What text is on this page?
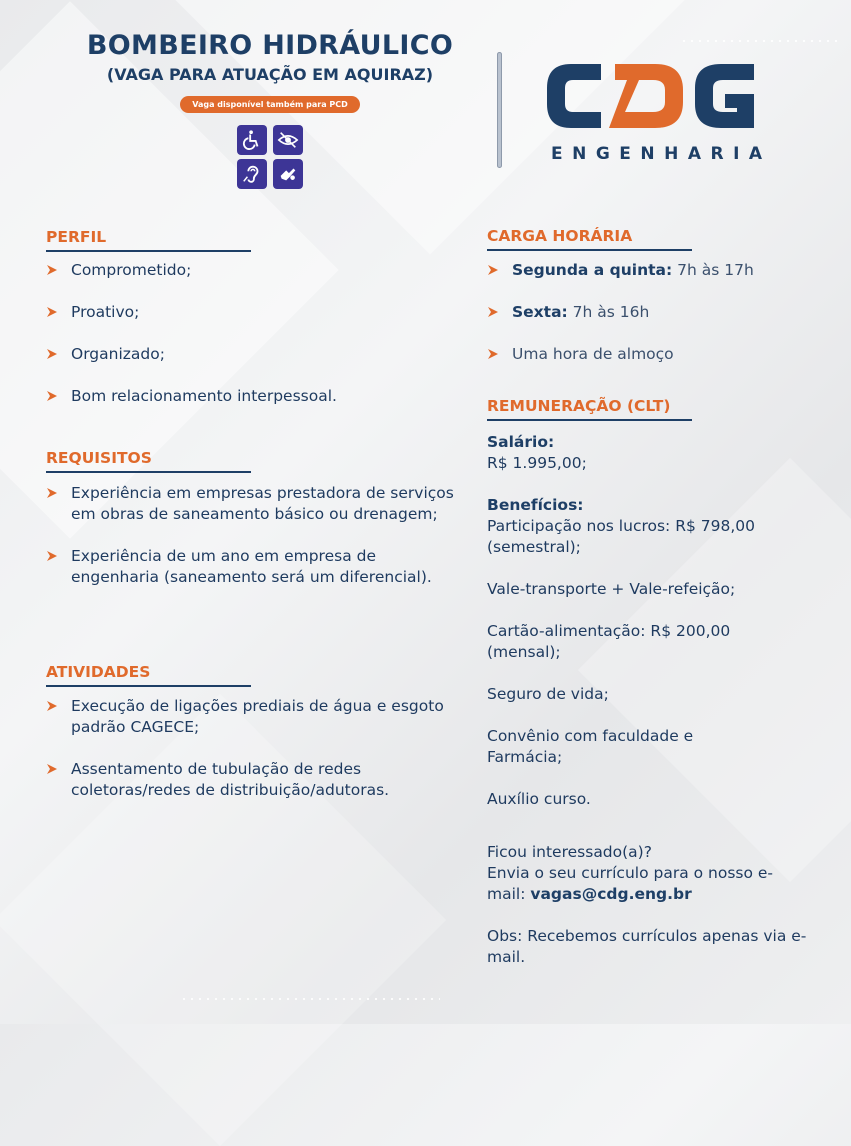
BOMBEIRO HIDRÁULICO
(VAGA PARA ATUAÇÃO EM AQUIRAZ)
Vaga disponível também para PCD
ENGENHARIA
PERFIL
Comprometido;
Proativo;
Organizado;
Bom relacionamento interpessoal.
REQUISITOS
Experiência em empresas prestadora de serviços em obras de saneamento básico ou drenagem;
Experiência de um ano em empresa de engenharia (saneamento será um diferencial).
ATIVIDADES
Execução de ligações prediais de água e esgoto padrão CAGECE;
Assentamento de tubulação de redes coletoras/redes de distribuição/adutoras.
CARGA HORÁRIA
Segunda a quinta: 7h às 17h
Sexta: 7h às 16h
Uma hora de almoço
REMUNERAÇÃO (CLT)
Salário:
R$ 1.995,00;
Benefícios:
Participação nos lucros: R$ 798,00 (semestral);
Vale-transporte + Vale-refeição;
Cartão-alimentação: R$ 200,00 (mensal);
Seguro de vida;
Convênio com faculdade e Farmácia;
Auxílio curso.
Ficou interessado(a)?
Envia o seu currículo para o nosso e-mail: vagas@cdg.eng.br
Obs: Recebemos currículos apenas via e-mail.
